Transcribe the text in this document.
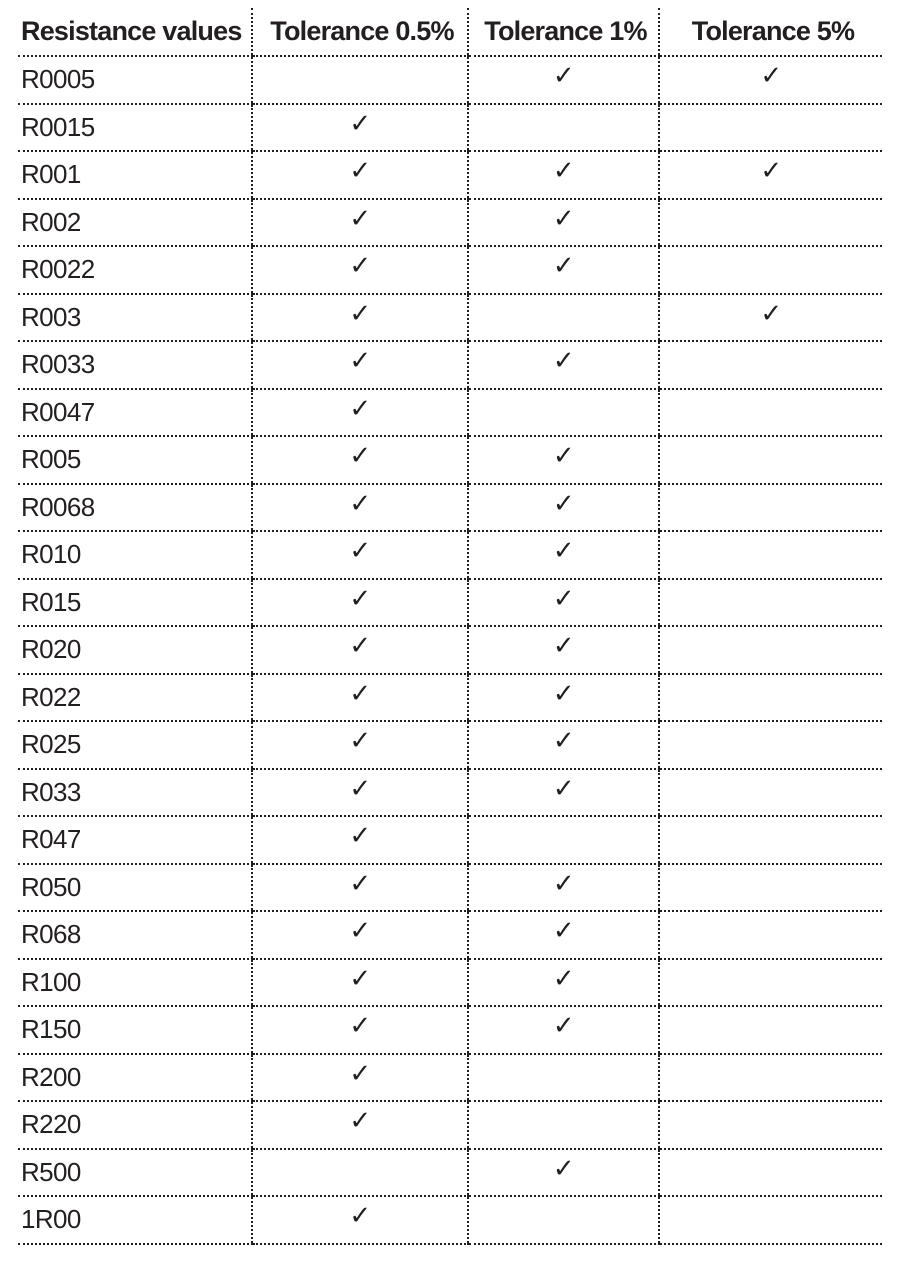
Resistance values	Tolerance 0.5%	Tolerance 1%	Tolerance 5%
R0005		✓	✓
R0015	✓		
R001	✓	✓	✓
R002	✓	✓	
R0022	✓	✓	
R003	✓		✓
R0033	✓	✓	
R0047	✓		
R005	✓	✓	
R0068	✓	✓	
R010	✓	✓	
R015	✓	✓	
R020	✓	✓	
R022	✓	✓	
R025	✓	✓	
R033	✓	✓	
R047	✓		
R050	✓	✓	
R068	✓	✓	
R100	✓	✓	
R150	✓	✓	
R200	✓		
R220	✓		
R500		✓	
1R00	✓		
